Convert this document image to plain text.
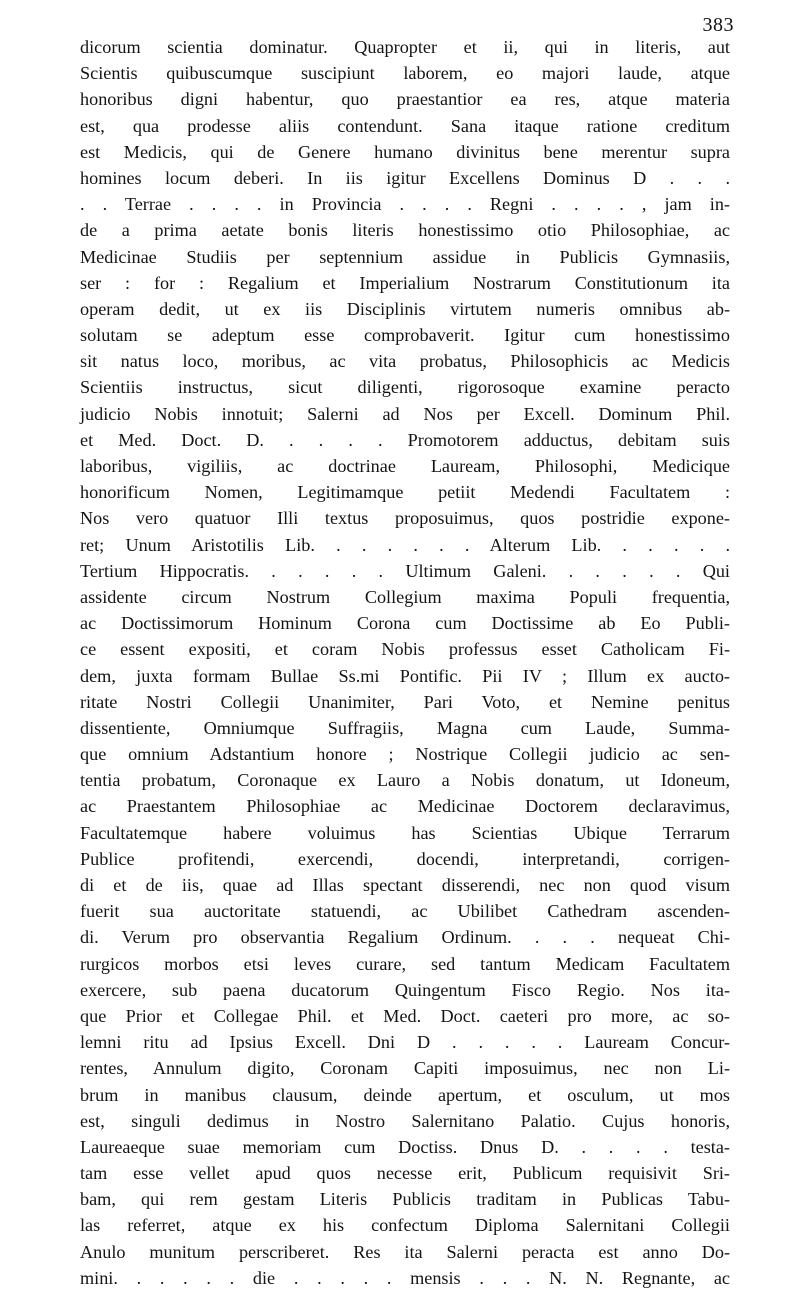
383
dicorum scientia dominatur. Quapropter et ii, qui in literis, aut
Scientis quibuscumque suscipiunt laborem, eo majori laude, atque
honoribus digni habentur, quo praestantior ea res, atque materia
est, qua prodesse aliis contendunt. Sana itaque ratione creditum
est Medicis, qui de Genere humano divinitus bene merentur supra
homines locum deberi. In iis igitur Excellens Dominus D . . .
. . Terrae . . . . in Provincia . . . . Regni . . . . , jam in-
de a prima aetate bonis literis honestissimo otio Philosophiae, ac
Medicinae Studiis per septennium assidue in Publicis Gymnasiis,
ser : for : Regalium et Imperialium Nostrarum Constitutionum ita
operam dedit, ut ex iis Disciplinis virtutem numeris omnibus ab-
solutam se adeptum esse comprobaverit. Igitur cum honestissimo
sit natus loco, moribus, ac vita probatus, Philosophicis ac Medicis
Scientiis instructus, sicut diligenti, rigorosoque examine peracto
judicio Nobis innotuit; Salerni ad Nos per Excell. Dominum Phil.
et Med. Doct. D. . . . . Promotorem adductus, debitam suis
laboribus, vigiliis, ac doctrinae Lauream, Philosophi, Medicique
honorificum Nomen, Legitimamque petiit Medendi Facultatem :
Nos vero quatuor Illi textus proposuimus, quos postridie expone-
ret; Unum Aristotilis Lib. . . . . . . Alterum Lib. . . . . .
Tertium Hippocratis. . . . . . Ultimum Galeni. . . . . . Qui
assidente circum Nostrum Collegium maxima Populi frequentia,
ac Doctissimorum Hominum Corona cum Doctissime ab Eo Publi-
ce essent expositi, et coram Nobis professus esset Catholicam Fi-
dem, juxta formam Bullae Ss.mi Pontific. Pii IV ; Illum ex aucto-
ritate Nostri Collegii Unanimiter, Pari Voto, et Nemine penitus
dissentiente, Omniumque Suffragiis, Magna cum Laude, Summa-
que omnium Adstantium honore ; Nostrique Collegii judicio ac sen-
tentia probatum, Coronaque ex Lauro a Nobis donatum, ut Idoneum,
ac Praestantem Philosophiae ac Medicinae Doctorem declaravimus,
Facultatemque habere voluimus has Scientias Ubique Terrarum
Publice profitendi, exercendi, docendi, interpretandi, corrigen-
di et de iis, quae ad Illas spectant disserendi, nec non quod visum
fuerit sua auctoritate statuendi, ac Ubilibet Cathedram ascenden-
di. Verum pro observantia Regalium Ordinum. . . . nequeat Chi-
rurgicos morbos etsi leves curare, sed tantum Medicam Facultatem
exercere, sub paena ducatorum Quingentum Fisco Regio. Nos ita-
que Prior et Collegae Phil. et Med. Doct. caeteri pro more, ac so-
lemni ritu ad Ipsius Excell. Dni D . . . . . Lauream Concur-
rentes, Annulum digito, Coronam Capiti imposuimus, nec non Li-
brum in manibus clausum, deinde apertum, et osculum, ut mos
est, singuli dedimus in Nostro Salernitano Palatio. Cujus honoris,
Laureaeque suae memoriam cum Doctiss. Dnus D. . . . . testa-
tam esse vellet apud quos necesse erit, Publicum requisivit Sri-
bam, qui rem gestam Literis Publicis traditam in Publicas Tabu-
las referret, atque ex his confectum Diploma Salernitani Collegii
Anulo munitum perscriberet. Res ita Salerni peracta est anno Do-
mini. . . . . . die . . . . . mensis . . . N. N. Regnante, ac
